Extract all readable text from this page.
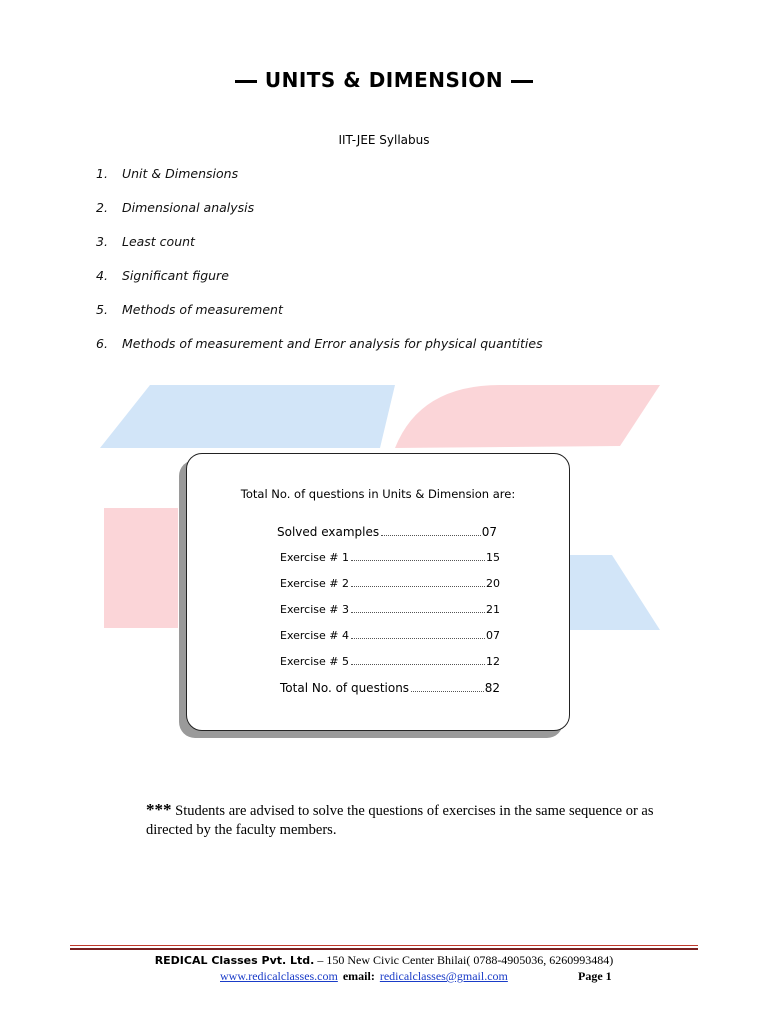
UNITS & DIMENSION
IIT-JEE Syllabus
1. Unit & Dimensions
2. Dimensional analysis
3. Least count
4. Significant figure
5. Methods of measurement
6. Methods of measurement and Error analysis for physical quantities
Total No. of questions in Units & Dimension are:
Solved examples	07
Exercise # 1	15
Exercise # 2	20
Exercise # 3	21
Exercise # 4	07
Exercise # 5	12
Total No. of questions	82
*** Students are advised to solve the questions of exercises in the same sequence or as directed by the faculty members.
REDICAL Classes Pvt. Ltd. – 150 New Civic Center Bhilai( 0788-4905036, 6260993484)
www.redicalclasses.com email: redicalclasses@gmail.com	Page 1
